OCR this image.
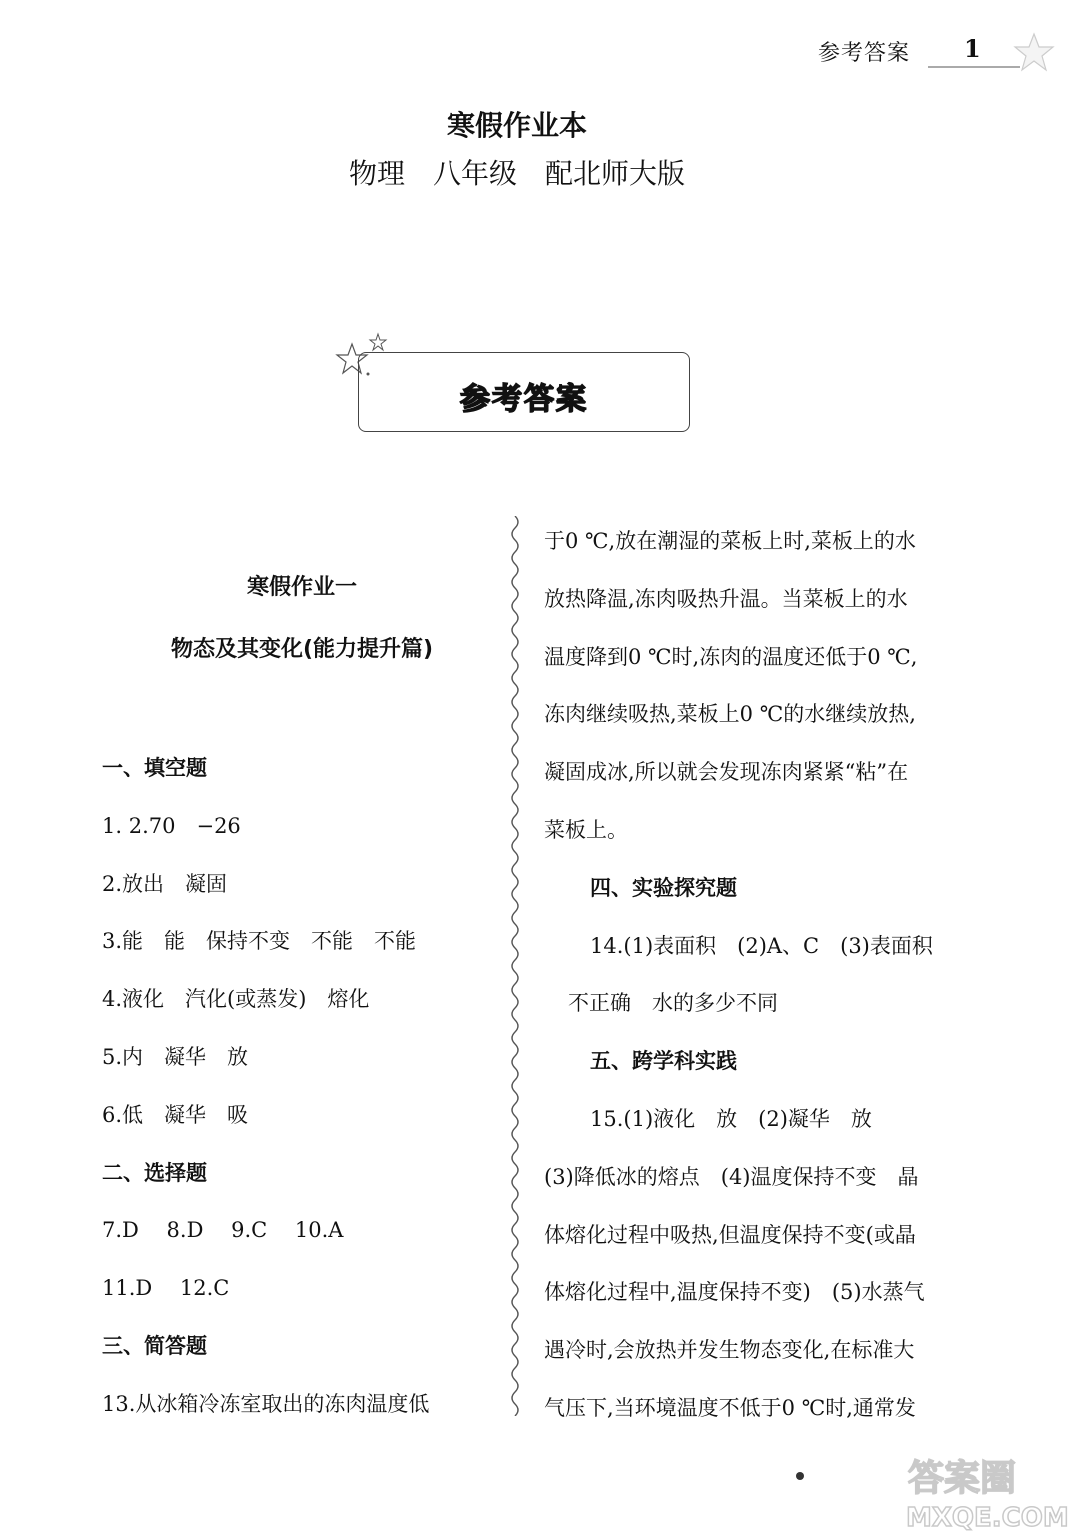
参考答案 1
寒假作业本
物理　八年级　配北师大版
参考答案
寒假作业一
物态及其变化(能力提升篇)
一、填空题
1. 2.70　−26
2.放出　凝固
3.能　能　保持不变　不能　不能
4.液化　汽化(或蒸发)　熔化
5.内　凝华　放
6.低　凝华　吸
二、选择题
7.D　 8.D　 9.C　 10.A
11.D　 12.C
三、简答题
13.从冰箱冷冻室取出的冻肉温度低
于0 ℃,放在潮湿的菜板上时,菜板上的水
放热降温,冻肉吸热升温。当菜板上的水
温度降到0 ℃时,冻肉的温度还低于0 ℃,
冻肉继续吸热,菜板上0 ℃的水继续放热,
凝固成冰,所以就会发现冻肉紧紧“粘”在
菜板上。
四、实验探究题
14.(1)表面积　(2)A、C　(3)表面积
不正确　水的多少不同
五、跨学科实践
15.(1)液化　放　(2)凝华　放
(3)降低冰的熔点　(4)温度保持不变　晶
体熔化过程中吸热,但温度保持不变(或晶
体熔化过程中,温度保持不变)　(5)水蒸气
遇冷时,会放热并发生物态变化,在标准大
气压下,当环境温度不低于0 ℃时,通常发
答案圈
MXQE.COM
